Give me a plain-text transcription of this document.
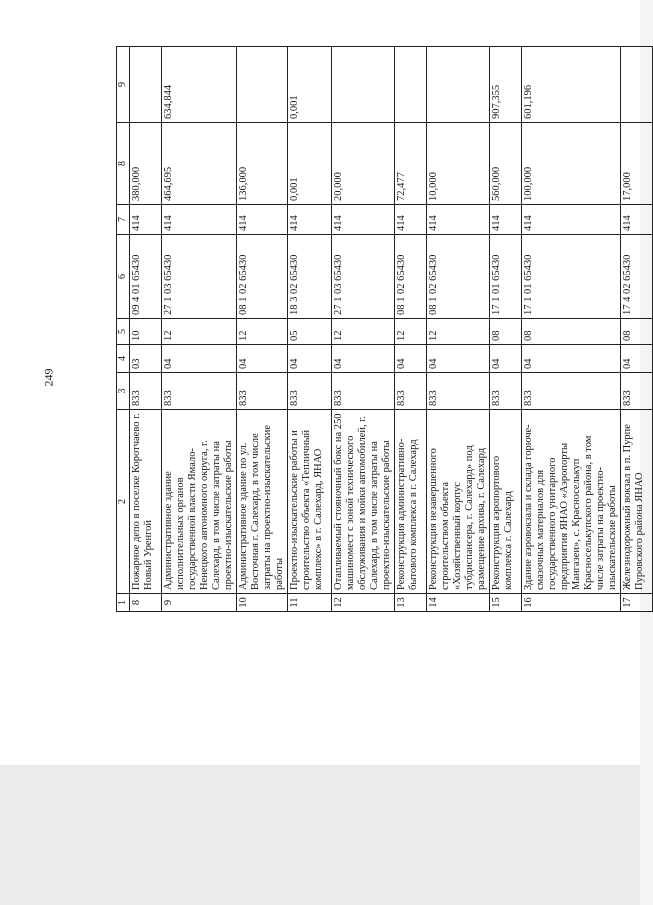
249
1	2	3	4	5	6	7	8	9
8	Пожарное депо в поселке Коротчаево г. Новый Уренгой	833	03	10	09 4 01 65430	414	380,000	
9	Административное здание исполнительных органов государственной власти Ямало-Ненецкого автономного округа, г. Салехард, в том числе затраты на проектно-изыскательские работы	833	04	12	27 1 03 65430	414	464,695	634,844
10	Административное здание по ул. Восточная г. Салехард, в том числе затраты на проектно-изыскательские работы	833	04	12	08 1 02 65430	414	136,000	
11	Проектно-изыскательские работы и строительство объекта «Тепличный комплекс» в г. Салехард, ЯНАО	833	04	05	18 3 02 65430	414	0,001	0,001
12	Отапливаемый стояночный бокс на 250 машиномест с зоной технического обслуживания и мойки автомобилей, г. Салехард, в том числе затраты на проектно-изыскательские работы	833	04	12	27 1 03 65430	414	20,000	
13	Реконструкция административно-бытового комплекса в г. Салехард	833	04	12	08 1 02 65430	414	72,477	
14	Реконструкция незавершенного строительством объекта «Хозяйственный корпус тубдиспансера, г. Салехард» под размещение архива, г. Салехард	833	04	12	08 1 02 65430	414	10,000	
15	Реконструкция аэропортового комплекса г. Салехард	833	04	08	17 1 01 65430	414	560,000	907,355
16	Здание аэровокзала и склада горюче-смазочных материалов для государственного унитарного предприятия ЯНАО «Аэропорты Мангазеи», с. Красноселькуп Красноселькупского района, в том числе затраты на проектно-изыскательские работы	833	04	08	17 1 01 65430	414	100,000	601,196
17	Железнодорожный вокзал в п. Пурпе Пуровского района ЯНАО	833	04	08	17 4 02 65430	414	17,000	
